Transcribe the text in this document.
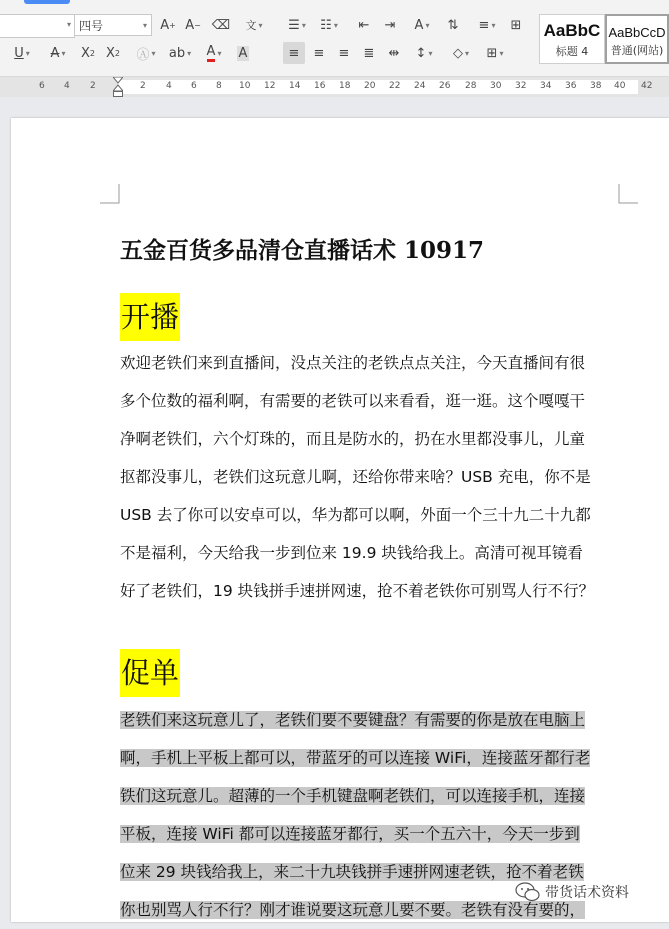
▾ 四号	▾ A + A − ⌫ 文 ▾ ☰ ▾	☷ ▾	⇤	⇥	A ▾	⇅	≡ ▾	⊞
U ▾ A ▾ X 2 X 2	Ⓐ ▾ ab ▾ A ▾ A	≡	≡	≡	≣	⇹	↕ ▾	◇ ▾	⊞ ▾
AaBbC
标题 4
AaBbCcD
普通(网站)
6 4 2	2 4 6 8 10 12 14 16 18 20 22 24 26 28 30 32 34 36 38 40 42
五金百货多品清仓直播话术 10917
开播
欢迎老铁们来到直播间，没点关注的老铁点点关注，今天直播间有很
多个位数的福利啊，有需要的老铁可以来看看，逛一逛。这个嘎嘎干
净啊老铁们，六个灯珠的，而且是防水的，扔在水里都没事儿，儿童
抠都没事儿，老铁们这玩意儿啊，还给你带来啥？USB 充电，你不是
USB 去了你可以安卓可以，华为都可以啊，外面一个三十九二十九都
不是福利，今天给我一步到位来 19.9 块钱给我上。高清可视耳镜看
好了老铁们，19 块钱拼手速拼网速，抢不着老铁你可别骂人行不行？
促单
老铁们来这玩意儿了，老铁们要不要键盘？有需要的你是放在电脑上
啊，手机上平板上都可以，带蓝牙的可以连接 WiFi，连接蓝牙都行老
铁们这玩意儿。超薄的一个手机键盘啊老铁们，可以连接手机，连接
平板，连接 WiFi 都可以连接蓝牙都行，买一个五六十，今天一步到
位来 29 块钱给我上，来二十九块钱拼手速拼网速老铁，抢不着老铁
你也别骂人行不行？刚才谁说要这玩意儿要不要。老铁有没有要的，
带货话术资料
